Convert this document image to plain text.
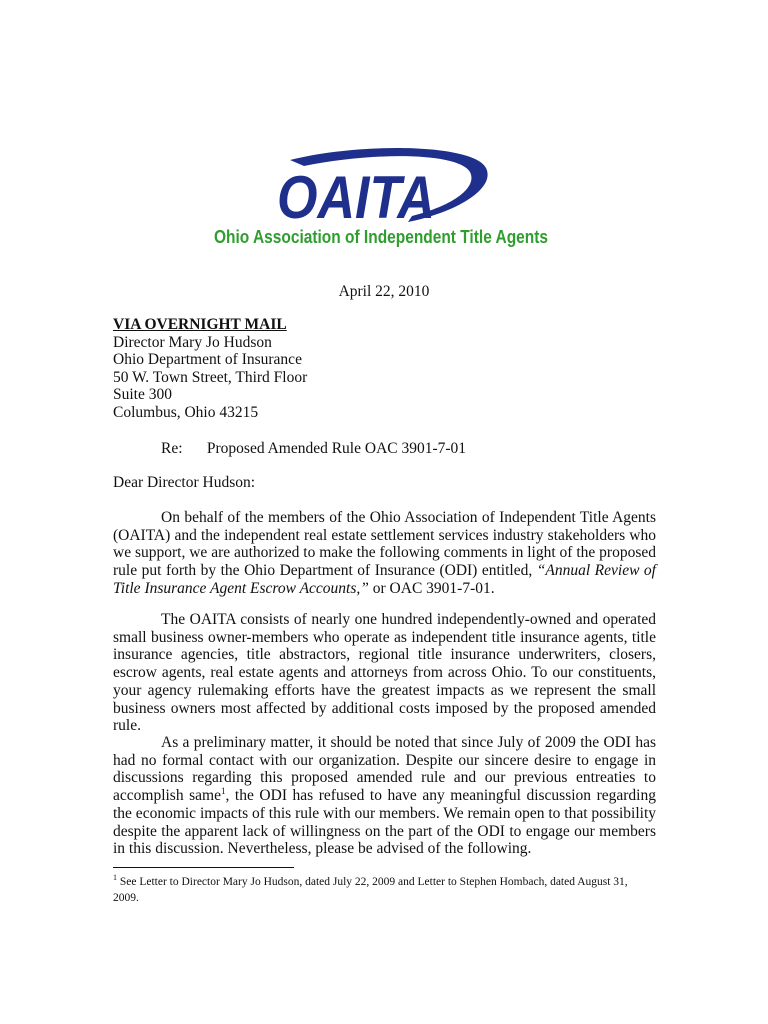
OAITA
Ohio Association of Independent Title Agents
April 22, 2010
VIA OVERNIGHT MAIL
Director Mary Jo Hudson
Ohio Department of Insurance
50 W. Town Street, Third Floor
Suite 300
Columbus, Ohio 43215
Re: Proposed Amended Rule OAC 3901-7-01
Dear Director Hudson:

On behalf of the members of the Ohio Association of Independent Title Agents (OAITA) and the independent real estate settlement services industry stakeholders who we support, we are authorized to make the following comments in light of the proposed rule put forth by the Ohio Department of Insurance (ODI) entitled, “Annual Review of Title Insurance Agent Escrow Accounts,” or OAC 3901-7-01.

The OAITA consists of nearly one hundred independently-owned and operated small business owner-members who operate as independent title insurance agents, title insurance agencies, title abstractors, regional title insurance underwriters, closers, escrow agents, real estate agents and attorneys from across Ohio. To our constituents, your agency rulemaking efforts have the greatest impacts as we represent the small business owners most affected by additional costs imposed by the proposed amended rule.

As a preliminary matter, it should be noted that since July of 2009 the ODI has had no formal contact with our organization. Despite our sincere desire to engage in discussions regarding this proposed amended rule and our previous entreaties to accomplish same$^1$, the ODI has refused to have any meaningful discussion regarding the economic impacts of this rule with our members. We remain open to that possibility despite the apparent lack of willingness on the part of the ODI to engage our members in this discussion. Nevertheless, please be advised of the following.

$^1$ See Letter to Director Mary Jo Hudson, dated July 22, 2009 and Letter to Stephen Hombach, dated August 31, 2009.
